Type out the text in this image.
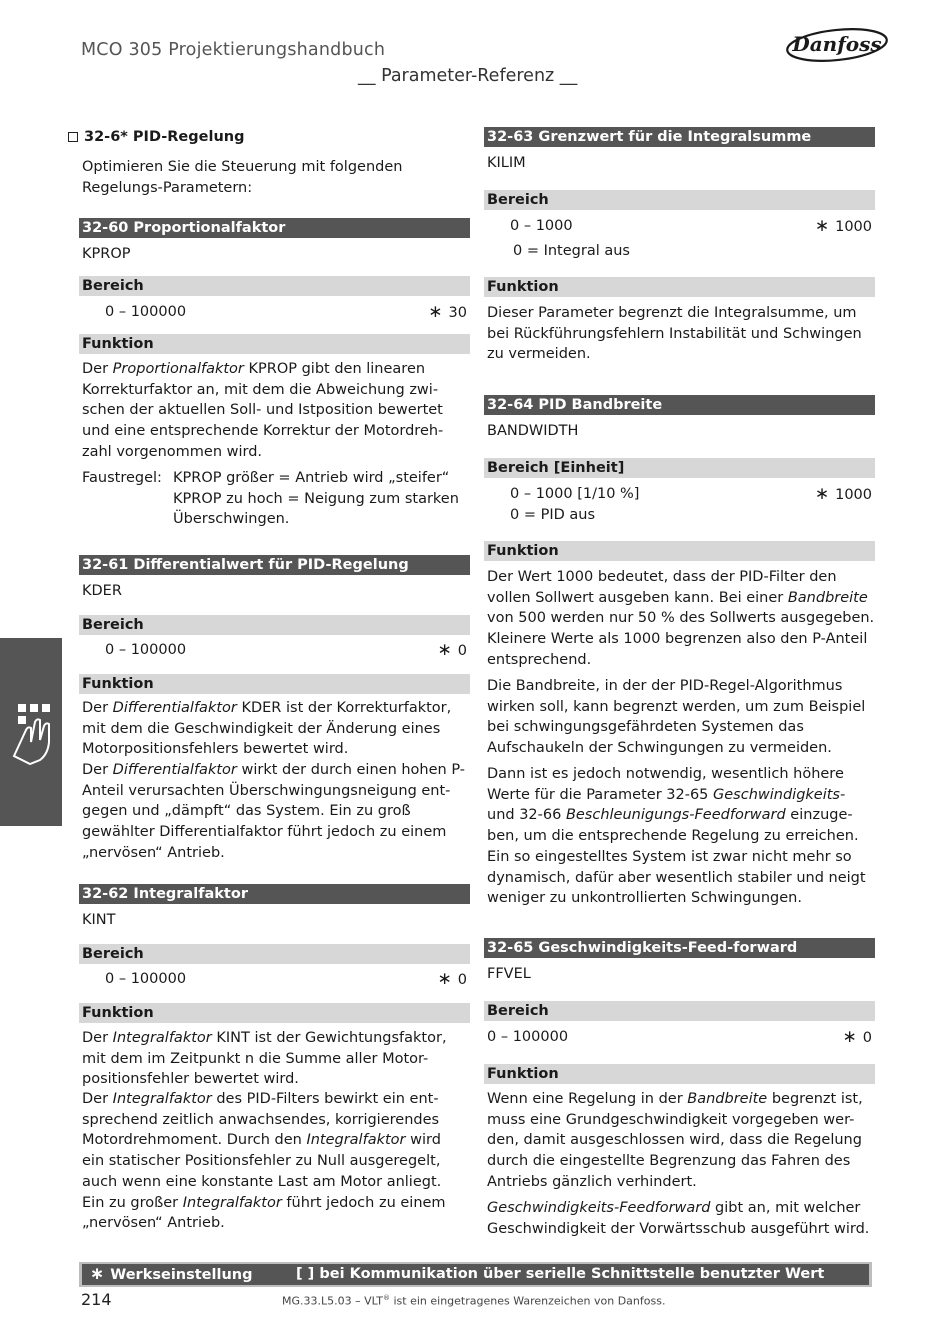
MCO 305 Projektierungshandbuch
__ Parameter-Referenz __
Danfoss
32-6* PID-Regelung
Optimieren Sie die Steuerung mit folgenden
Regelungs-Parametern:
32-60 Proportionalfaktor
KPROP
Bereich
0 – 100000	∗ 30
Funktion
Der Proportionalfaktor KPROP gibt den linearen
Korrekturfaktor an, mit dem die Abweichung zwi-
schen der aktuellen Soll- und Istposition bewertet
und eine entsprechende Korrektur der Motordreh-
zahl vorgenommen wird.
Faustregel: KPROP größer = Antrieb wird „steifer“
KPROP zu hoch = Neigung zum starken
Überschwingen.
32-61 Differentialwert für PID-Regelung
KDER
Bereich
0 – 100000	∗ 0
Funktion
Der Differentialfaktor KDER ist der Korrekturfaktor,
mit dem die Geschwindigkeit der Änderung eines
Motorpositionsfehlers bewertet wird.
Der Differentialfaktor wirkt der durch einen hohen P-
Anteil verursachten Überschwingungsneigung ent-
gegen und „dämpft“ das System. Ein zu groß
gewählter Differentialfaktor führt jedoch zu einem
„nervösen“ Antrieb.
32-62 Integralfaktor
KINT
Bereich
0 – 100000	∗ 0
Funktion
Der Integralfaktor KINT ist der Gewichtungsfaktor,
mit dem im Zeitpunkt n die Summe aller Motor-
positionsfehler bewertet wird.
Der Integralfaktor des PID-Filters bewirkt ein ent-
sprechend zeitlich anwachsendes, korrigierendes
Motordrehmoment. Durch den Integralfaktor wird
ein statischer Positionsfehler zu Null ausgeregelt,
auch wenn eine konstante Last am Motor anliegt.
Ein zu großer Integralfaktor führt jedoch zu einem
„nervösen“ Antrieb.
32-63 Grenzwert für die Integralsumme
KILIM
Bereich
0 – 1000	∗ 1000
0 = Integral aus
Funktion
Dieser Parameter begrenzt die Integralsumme, um
bei Rückführungsfehlern Instabilität und Schwingen
zu vermeiden.
32-64 PID Bandbreite
BANDWIDTH
Bereich [Einheit]
0 – 1000 [1/10 %]	∗ 1000
0 = PID aus
Funktion
Der Wert 1000 bedeutet, dass der PID-Filter den
vollen Sollwert ausgeben kann. Bei einer Bandbreite
von 500 werden nur 50 % des Sollwerts ausgegeben.
Kleinere Werte als 1000 begrenzen also den P-Anteil
entsprechend.
Die Bandbreite, in der der PID-Regel-Algorithmus
wirken soll, kann begrenzt werden, um zum Beispiel
bei schwingungsgefährdeten Systemen das
Aufschaukeln der Schwingungen zu vermeiden.
Dann ist es jedoch notwendig, wesentlich höhere
Werte für die Parameter 32-65 Geschwindigkeits-
und 32-66 Beschleunigungs-Feedforward einzuge-
ben, um die entsprechende Regelung zu erreichen.
Ein so eingestelltes System ist zwar nicht mehr so
dynamisch, dafür aber wesentlich stabiler und neigt
weniger zu unkontrollierten Schwingungen.
32-65 Geschwindigkeits-Feed-forward
FFVEL
Bereich
0 – 100000	∗ 0
Funktion
Wenn eine Regelung in der Bandbreite begrenzt ist,
muss eine Grundgeschwindigkeit vorgegeben wer-
den, damit ausgeschlossen wird, dass die Regelung
durch die eingestellte Begrenzung das Fahren des
Antriebs gänzlich verhindert.
Geschwindigkeits-Feedforward gibt an, mit welcher
Geschwindigkeit der Vorwärtsschub ausgeführt wird.
∗ Werkseinstellung	[ ] bei Kommunikation über serielle Schnittstelle benutzter Wert
214	MG.33.L5.03 – VLT® ist ein eingetragenes Warenzeichen von Danfoss.
